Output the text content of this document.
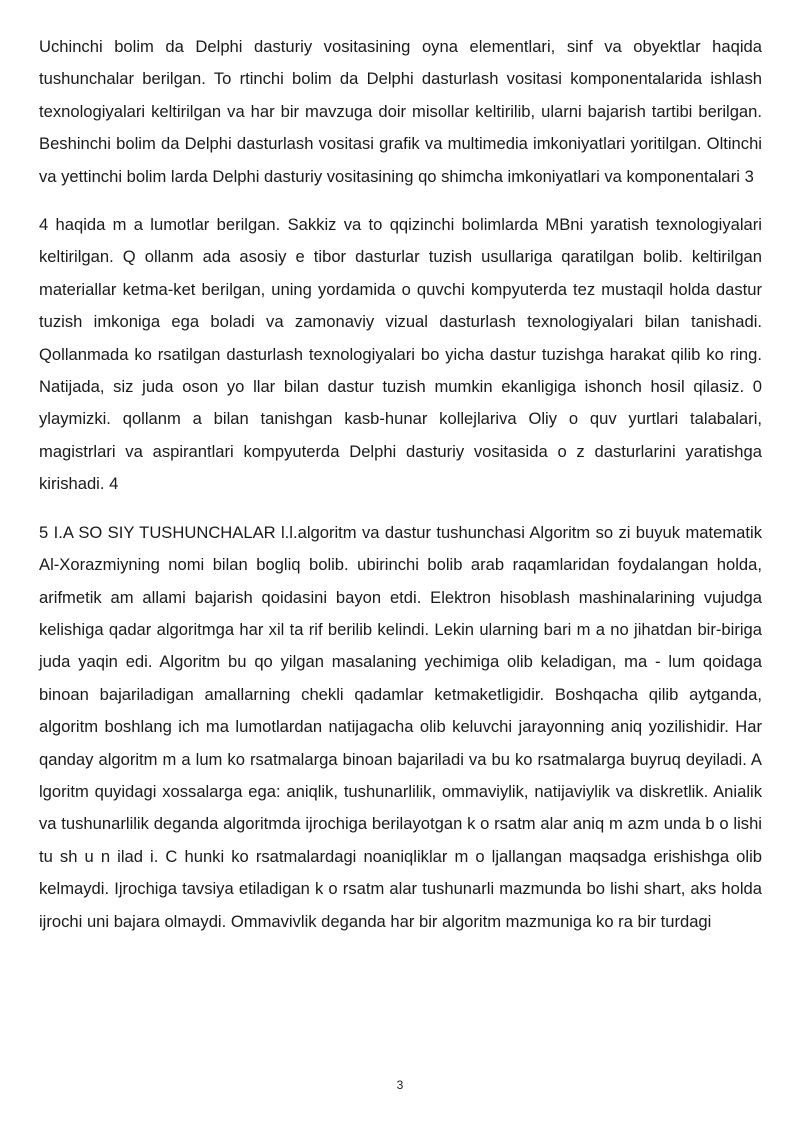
Uchinchi bolim da Delphi dasturiy vositasining oyna elementlari, sinf va obyektlar haqida tushunchalar berilgan. To rtinchi bolim da Delphi dasturlash vositasi komponentalarida ishlash texnologiyalari keltirilgan va har bir mavzuga doir misollar keltirilib, ularni bajarish tartibi berilgan. Beshinchi bolim da Delphi dasturlash vositasi grafik va multimedia imkoniyatlari yoritilgan. Oltinchi va yettinchi bolim larda Delphi dasturiy vositasining qo shimcha imkoniyatlari va komponentalari 3

4 haqida m a lumotlar berilgan. Sakkiz va to qqizinchi bolimlarda MBni yaratish texnologiyalari keltirilgan. Q ollanm ada asosiy e tibor dasturlar tuzish usullariga qaratilgan bolib. keltirilgan materiallar ketma-ket berilgan, uning yordamida o quvchi kompyuterda tez mustaqil holda dastur tuzish imkoniga ega boladi va zamonaviy vizual dasturlash texnologiyalari bilan tanishadi. Qollanmada ko rsatilgan dasturlash texnologiyalari bo yicha dastur tuzishga harakat qilib ko ring. Natijada, siz juda oson yo llar bilan dastur tuzish mumkin ekanligiga ishonch hosil qilasiz. 0 ylaymizki. qollanm a bilan tanishgan kasb-hunar kollejlariva Oliy o quv yurtlari talabalari, magistrlari va aspirantlari kompyuterda Delphi dasturiy vositasida o z dasturlarini yaratishga kirishadi. 4

5 I.A SO SIY TUSHUNCHALAR l.l.algoritm va dastur tushunchasi Algoritm so zi buyuk matematik Al-Xorazmiyning nomi bilan bogliq bolib. ubirinchi bolib arab raqamlaridan foydalangan holda, arifmetik am allami bajarish qoidasini bayon etdi. Elektron hisoblash mashinalarining vujudga kelishiga qadar algoritmga har xil ta rif berilib kelindi. Lekin ularning bari m a no jihatdan bir-biriga juda yaqin edi. Algoritm bu qo yilgan masalaning yechimiga olib keladigan, ma - lum qoidaga binoan bajariladigan amallarning chekli qadamlar ketmaketligidir. Boshqacha qilib aytganda, algoritm boshlang ich ma lumotlardan natijagacha olib keluvchi jarayonning aniq yozilishidir. Har qanday algoritm m a lum ko rsatmalarga binoan bajariladi va bu ko rsatmalarga buyruq deyiladi. A lgoritm quyidagi xossalarga ega: aniqlik, tushunarlilik, ommaviylik, natijaviylik va diskretlik. Anialik va tushunarlilik deganda algoritmda ijrochiga berilayotgan k o rsatm alar aniq m azm unda b o lishi tu sh u n ilad i. C hunki ko rsatmalardagi noaniqliklar m o ljallangan maqsadga erishishga olib kelmaydi. Ijrochiga tavsiya etiladigan k o rsatm alar tushunarli mazmunda bo lishi shart, aks holda ijrochi uni bajara olmaydi. Ommavivlik deganda har bir algoritm mazmuniga ko ra bir turdagi

3
